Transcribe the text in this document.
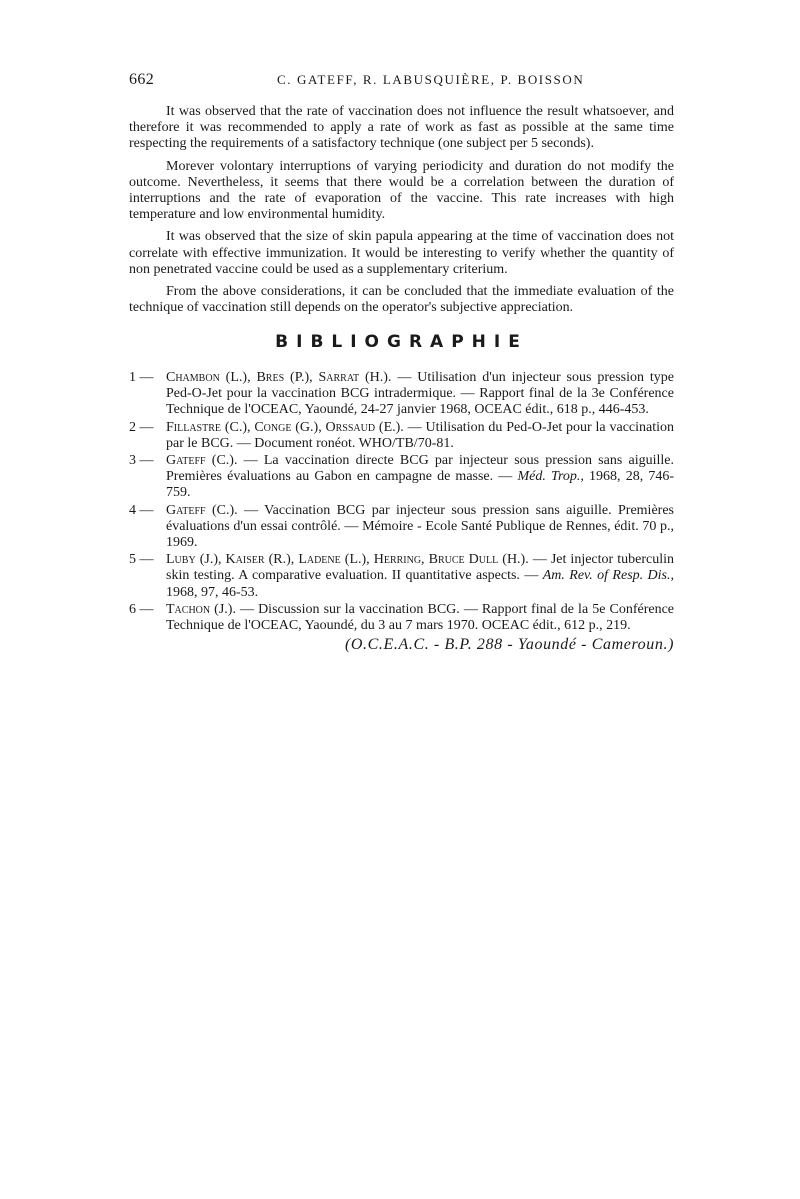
662	C. GATEFF, R. LABUSQUIÈRE, P. BOISSON

It was observed that the rate of vaccination does not influence the result whatsoever, and therefore it was recommended to apply a rate of work as fast as possible at the same time respecting the requirements of a satisfactory technique (one subject per 5 seconds).

Morever volontary interruptions of varying periodicity and duration do not modify the outcome. Nevertheless, it seems that there would be a correlation between the duration of interruptions and the rate of evaporation of the vaccine. This rate increases with high temperature and low environmental humidity.

It was observed that the size of skin papula appearing at the time of vaccination does not correlate with effective immunization. It would be interesting to verify whether the quantity of non penetrated vaccine could be used as a supplementary criterium.

From the above considerations, it can be concluded that the immediate evaluation of the technique of vaccination still depends on the operator's subjective appreciation.

BIBLIOGRAPHIE
1 — Chambon (L.), Bres (P.), Sarrat (H.). — Utilisation d'un injecteur sous pression type Ped-O-Jet pour la vaccination BCG intradermique. — Rapport final de la 3e Conférence Technique de l'OCEAC, Yaoundé, 24-27 janvier 1968, OCEAC édit., 618 p., 446-453.
2 — Fillastre (C.), Conge (G.), Orssaud (E.). — Utilisation du Ped-O-Jet pour la vaccination par le BCG. — Document ronéot. WHO/TB/70-81.
3 — Gateff (C.). — La vaccination directe BCG par injecteur sous pression sans aiguille. Premières évaluations au Gabon en campagne de masse. — Méd. Trop., 1968, 28, 746-759.
4 — Gateff (C.). — Vaccination BCG par injecteur sous pression sans aiguille. Premières évaluations d'un essai contrôlé. — Mémoire - Ecole Santé Publique de Rennes, édit. 70 p., 1969.
5 — Luby (J.), Kaiser (R.), Ladene (L.), Herring, Bruce Dull (H.). — Jet injector tuberculin skin testing. A comparative evaluation. II quantitative aspects. — Am. Rev. of Resp. Dis., 1968, 97, 46-53.
6 — Tachon (J.). — Discussion sur la vaccination BCG. — Rapport final de la 5e Conférence Technique de l'OCEAC, Yaoundé, du 3 au 7 mars 1970. OCEAC édit., 612 p., 219.
(O.C.E.A.C. - B.P. 288 - Yaoundé - Cameroun.)
